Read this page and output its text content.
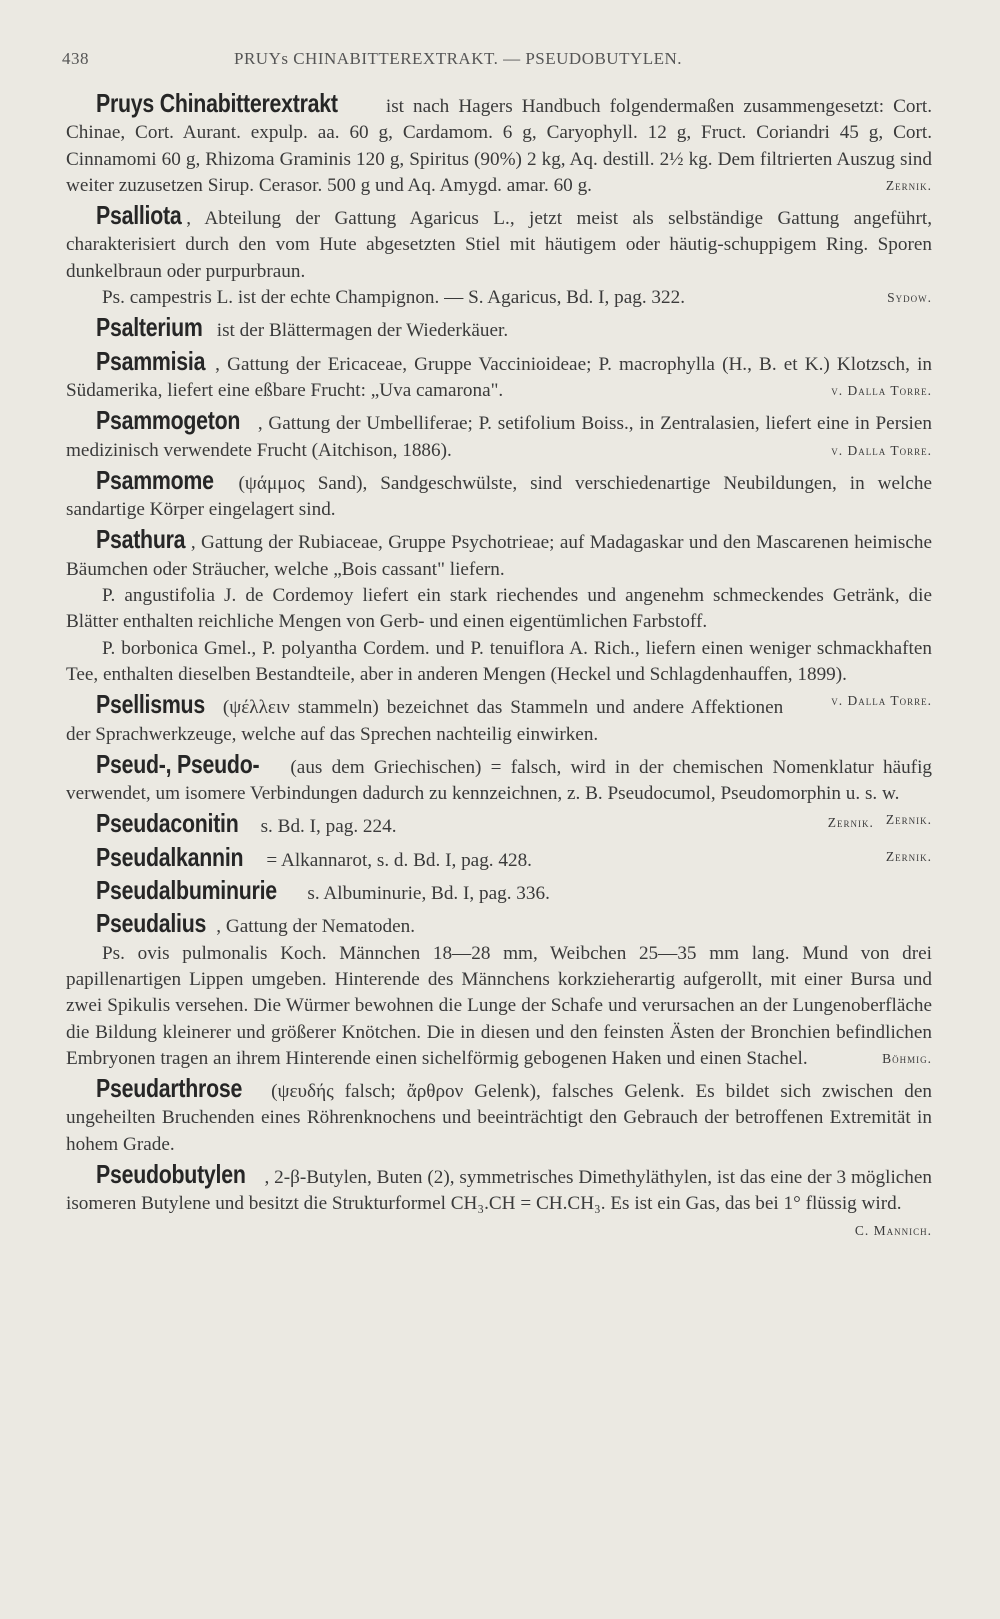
438	PRUYs CHINABITTEREXTRAKT. — PSEUDOBUTYLEN.

Pruys Chinabitterextrakt ist nach Hagers Handbuch folgendermaßen zusammengesetzt: Cort. Chinae, Cort. Aurant. expulp. aa. 60 g, Cardamom. 6 g, Caryophyll. 12 g, Fruct. Coriandri 45 g, Cort. Cinnamomi 60 g, Rhizoma Graminis 120 g, Spiritus (90%) 2 kg, Aq. destill. 2½ kg. Dem filtrierten Auszug sind weiter zuzusetzen Sirup. Cerasor. 500 g und Aq. Amygd. amar. 60 g.	Zernik.

Psalliota , Abteilung der Gattung Agaricus L., jetzt meist als selbständige Gattung angeführt, charakterisiert durch den vom Hute abgesetzten Stiel mit häutigem oder häutig-schuppigem Ring. Sporen dunkelbraun oder purpurbraun.

Ps. campestris L. ist der echte Champignon. — S. Agaricus, Bd. I, pag. 322.	Sydow.

Psalterium ist der Blättermagen der Wiederkäuer.

Psammisia , Gattung der Ericaceae, Gruppe Vaccinioideae; P. macrophylla (H., B. et K.) Klotzsch, in Südamerika, liefert eine eßbare Frucht: „Uva camarona".	v. Dalla Torre.

Psammogeton , Gattung der Umbelliferae; P. setifolium Boiss., in Zentralasien, liefert eine in Persien medizinisch verwendete Frucht (Aitchison, 1886).	v. Dalla Torre.

Psammome (ψάμμος Sand), Sandgeschwülste, sind verschiedenartige Neubildungen, in welche sandartige Körper eingelagert sind.

Psathura , Gattung der Rubiaceae, Gruppe Psychotrieae; auf Madagaskar und den Mascarenen heimische Bäumchen oder Sträucher, welche „Bois cassant" liefern.

P. angustifolia J. de Cordemoy liefert ein stark riechendes und angenehm schmeckendes Getränk, die Blätter enthalten reichliche Mengen von Gerb- und einen eigentümlichen Farbstoff.

P. borbonica Gmel., P. polyantha Cordem. und P. tenuiflora A. Rich., liefern einen weniger schmackhaften Tee, enthalten dieselben Bestandteile, aber in anderen Mengen (Heckel und Schlagdenhauffen, 1899).
v. Dalla Torre.

Psellismus (ψέλλειν stammeln) bezeichnet das Stammeln und andere Affektionen der Sprachwerkzeuge, welche auf das Sprechen nachteilig einwirken.

Pseud-, Pseudo- (aus dem Griechischen) = falsch, wird in der chemischen Nomenklatur häufig verwendet, um isomere Verbindungen dadurch zu kennzeichnen, z. B. Pseudocumol, Pseudomorphin u. s. w.
Zernik.

Pseudaconitin s. Bd. I, pag. 224.	Zernik.

Pseudalkannin = Alkannarot, s. d. Bd. I, pag. 428.	Zernik.

Pseudalbuminurie s. Albuminurie, Bd. I, pag. 336.

Pseudalius , Gattung der Nematoden.

Ps. ovis pulmonalis Koch. Männchen 18—28 mm, Weibchen 25—35 mm lang. Mund von drei papillenartigen Lippen umgeben. Hinterende des Männchens korkzieherartig aufgerollt, mit einer Bursa und zwei Spikulis versehen. Die Würmer bewohnen die Lunge der Schafe und verursachen an der Lungenoberfläche die Bildung kleinerer und größerer Knötchen. Die in diesen und den feinsten Ästen der Bronchien befindlichen Embryonen tragen an ihrem Hinterende einen sichelförmig gebogenen Haken und einen Stachel.	Böhmig.

Pseudarthrose (ψευδής falsch; ἄρθρον Gelenk), falsches Gelenk. Es bildet sich zwischen den ungeheilten Bruchenden eines Röhrenknochens und beeinträchtigt den Gebrauch der betroffenen Extremität in hohem Grade.

Pseudobutylen , 2-β-Butylen, Buten (2), symmetrisches Dimethyläthylen, ist das eine der 3 möglichen isomeren Butylene und besitzt die Strukturformel CH₃.CH = CH.CH₃. Es ist ein Gas, das bei 1° flüssig wird.
C. Mannich.
